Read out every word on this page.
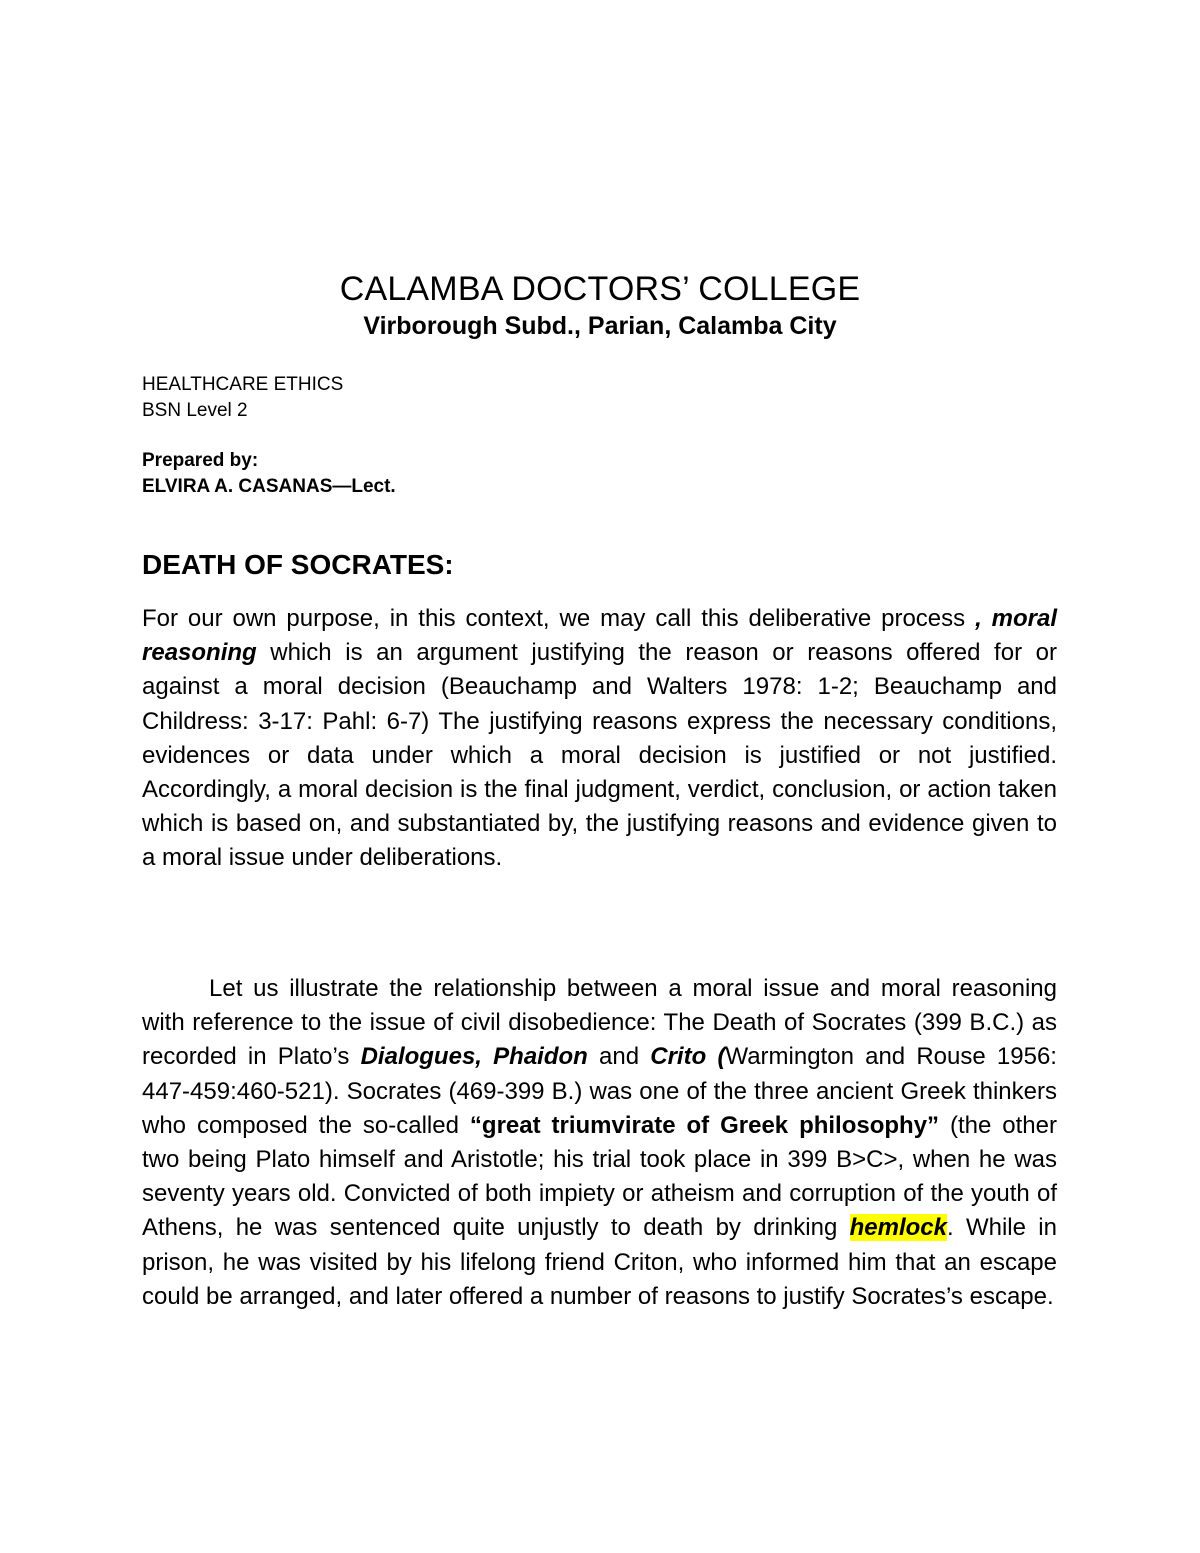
CALAMBA DOCTORS’ COLLEGE
Virborough Subd., Parian, Calamba City
HEALTHCARE ETHICS
BSN Level 2
Prepared by:
ELVIRA A. CASANAS—Lect.
DEATH OF SOCRATES:

For our own purpose, in this context, we may call this deliberative process , moral reasoning which is an argument justifying the reason or reasons offered for or against a moral decision (Beauchamp and Walters 1978: 1-2; Beauchamp and Childress: 3-17: Pahl: 6-7) The justifying reasons express the necessary conditions, evidences or data under which a moral decision is justified or not justified. Accordingly, a moral decision is the final judgment, verdict, conclusion, or action taken which is based on, and substantiated by, the justifying reasons and evidence given to a moral issue under deliberations.

Let us illustrate the relationship between a moral issue and moral reasoning with reference to the issue of civil disobedience: The Death of Socrates (399 B.C.) as recorded in Plato’s Dialogues, Phaidon and Crito (Warmington and Rouse 1956: 447-459:460-521). Socrates (469-399 B.) was one of the three ancient Greek thinkers who composed the so-called “great triumvirate of Greek philosophy” (the other two being Plato himself and Aristotle; his trial took place in 399 B>C>, when he was seventy years old. Convicted of both impiety or atheism and corruption of the youth of Athens, he was sentenced quite unjustly to death by drinking hemlock. While in prison, he was visited by his lifelong friend Criton, who informed him that an escape could be arranged, and later offered a number of reasons to justify Socrates’s escape.
